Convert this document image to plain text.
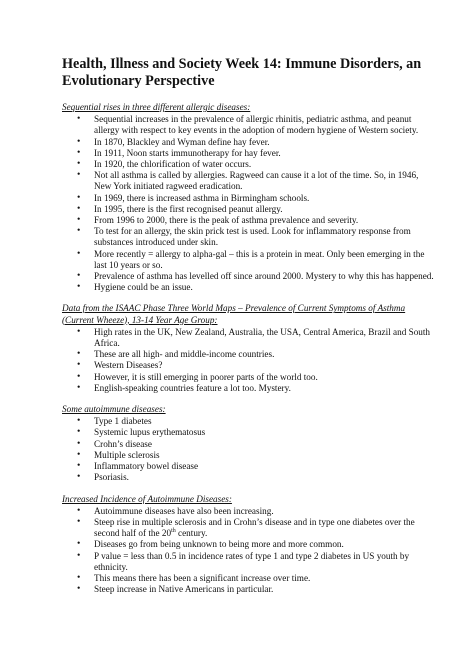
Health, Illness and Society Week 14: Immune Disorders, an Evolutionary Perspective
Sequential rises in three different allergic diseases:
• Sequential increases in the prevalence of allergic rhinitis, pediatric asthma, and peanut allergy with respect to key events in the adoption of modern hygiene of Western society.
• In 1870, Blackley and Wyman define hay fever.
• In 1911, Noon starts immunotherapy for hay fever.
• In 1920, the chlorification of water occurs.
• Not all asthma is called by allergies. Ragweed can cause it a lot of the time. So, in 1946, New York initiated ragweed eradication.
• In 1969, there is increased asthma in Birmingham schools.
• In 1995, there is the first recognised peanut allergy.
• From 1996 to 2000, there is the peak of asthma prevalence and severity.
• To test for an allergy, the skin prick test is used. Look for inflammatory response from substances introduced under skin.
• More recently = allergy to alpha-gal – this is a protein in meat. Only been emerging in the last 10 years or so.
• Prevalence of asthma has levelled off since around 2000. Mystery to why this has happened.
• Hygiene could be an issue.
Data from the ISAAC Phase Three World Maps – Prevalence of Current Symptoms of Asthma (Current Wheeze), 13-14 Year Age Group:
• High rates in the UK, New Zealand, Australia, the USA, Central America, Brazil and South Africa.
• These are all high- and middle-income countries.
• Western Diseases?
• However, it is still emerging in poorer parts of the world too.
• English-speaking countries feature a lot too. Mystery.
Some autoimmune diseases:
• Type 1 diabetes
• Systemic lupus erythematosus
• Crohn’s disease
• Multiple sclerosis
• Inflammatory bowel disease
• Psoriasis.
Increased Incidence of Autoimmune Diseases:
• Autoimmune diseases have also been increasing.
• Steep rise in multiple sclerosis and in Crohn’s disease and in type one diabetes over the second half of the 20th century.
• Diseases go from being unknown to being more and more common.
• P value = less than 0.5 in incidence rates of type 1 and type 2 diabetes in US youth by ethnicity.
• This means there has been a significant increase over time.
• Steep increase in Native Americans in particular.
